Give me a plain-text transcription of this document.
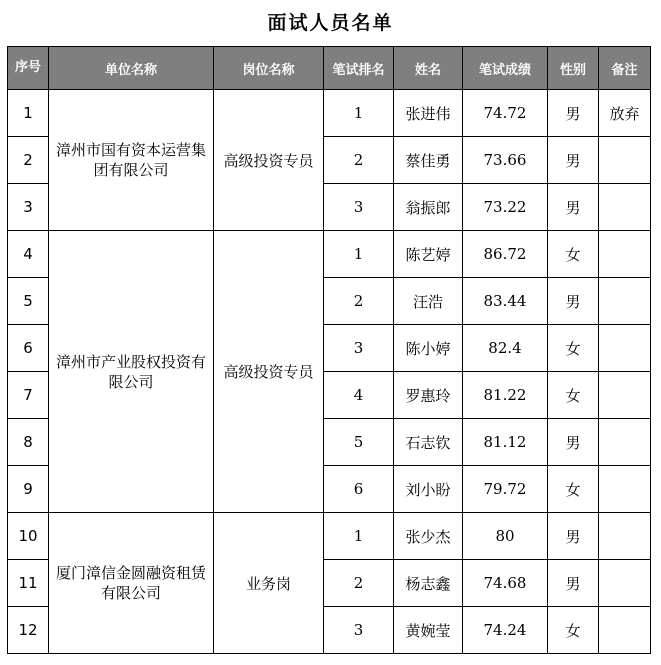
面试人员名单
序号	单位名称	岗位名称	笔试排名	姓名	笔试成绩	性别	备注
1	漳州市国有资本运营集团有限公司	高级投资专员	1	张进伟	74.72	男	放弃
2			2	蔡佳勇	73.66	男	
3			3	翁振郎	73.22	男	
4	漳州市产业股权投资有限公司	高级投资专员	1	陈艺婷	86.72	女	
5			2	汪浩	83.44	男	
6			3	陈小婷	82.4	女	
7			4	罗惠玲	81.22	女	
8			5	石志钦	81.12	男	
9			6	刘小盼	79.72	女	
10	厦门漳信金圆融资租赁有限公司	业务岗	1	张少杰	80	男	
11			2	杨志鑫	74.68	男	
12			3	黄婉莹	74.24	女	
